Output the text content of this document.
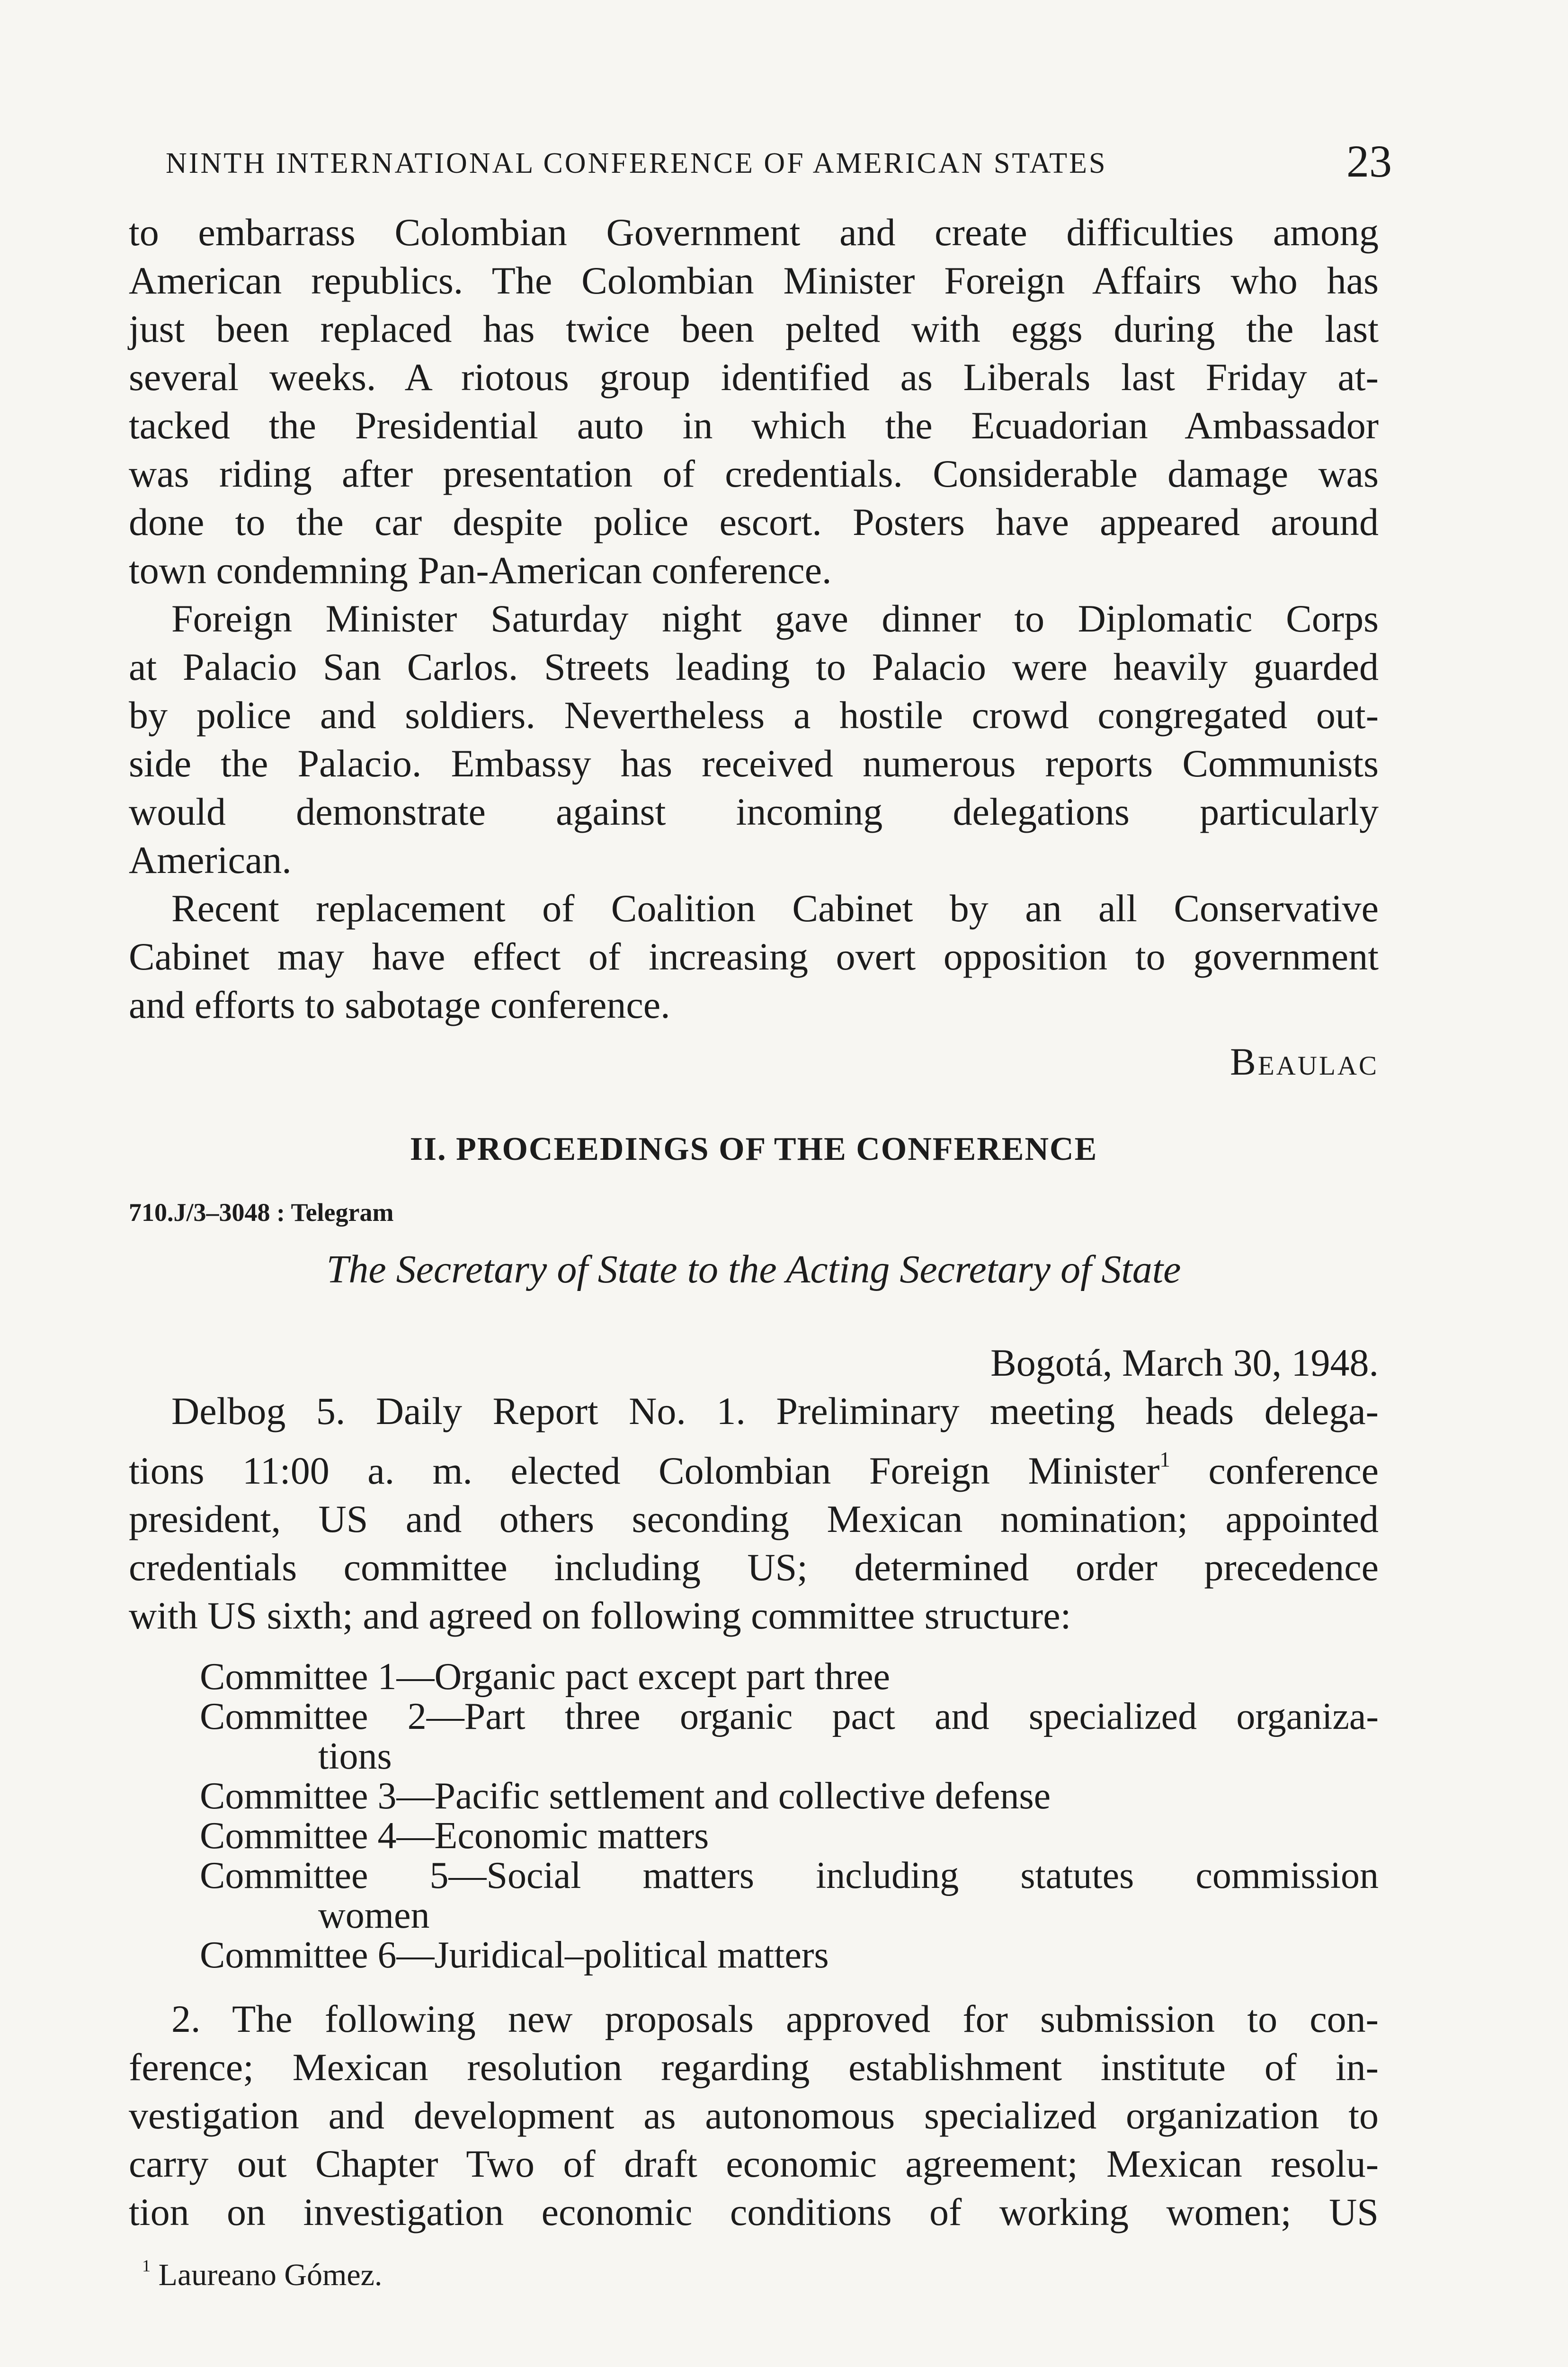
NINTH INTERNATIONAL CONFERENCE OF AMERICAN STATES	23
to embarrass Colombian Government and create difficulties among
American republics. The Colombian Minister Foreign Affairs who has
just been replaced has twice been pelted with eggs during the last
several weeks. A riotous group identified as Liberals last Friday at-
tacked the Presidential auto in which the Ecuadorian Ambassador
was riding after presentation of credentials. Considerable damage was
done to the car despite police escort. Posters have appeared around
town condemning Pan-American conference.
Foreign Minister Saturday night gave dinner to Diplomatic Corps
at Palacio San Carlos. Streets leading to Palacio were heavily guarded
by police and soldiers. Nevertheless a hostile crowd congregated out-
side the Palacio. Embassy has received numerous reports Communists
would demonstrate against incoming delegations particularly
American.
Recent replacement of Coalition Cabinet by an all Conservative
Cabinet may have effect of increasing overt opposition to government
and efforts to sabotage conference.
Beaulac
II. PROCEEDINGS OF THE CONFERENCE
710.J/3–3048 : Telegram
The Secretary of State to the Acting Secretary of State
Bogotá, March 30, 1948.
Delbog 5. Daily Report No. 1. Preliminary meeting heads delega-
tions 11:00 a. m. elected Colombian Foreign Minister$^1$ conference
president, US and others seconding Mexican nomination; appointed
credentials committee including US; determined order precedence
with US sixth; and agreed on following committee structure:
Committee 1—Organic pact except part three
Committee 2—Part three organic pact and specialized organiza-
tions
Committee 3—Pacific settlement and collective defense
Committee 4—Economic matters
Committee 5—Social matters including statutes commission
women
Committee 6—Juridical–political matters
2. The following new proposals approved for submission to con-
ference; Mexican resolution regarding establishment institute of in-
vestigation and development as autonomous specialized organization to
carry out Chapter Two of draft economic agreement; Mexican resolu-
tion on investigation economic conditions of working women; US
$^1$ Laureano Gómez.
